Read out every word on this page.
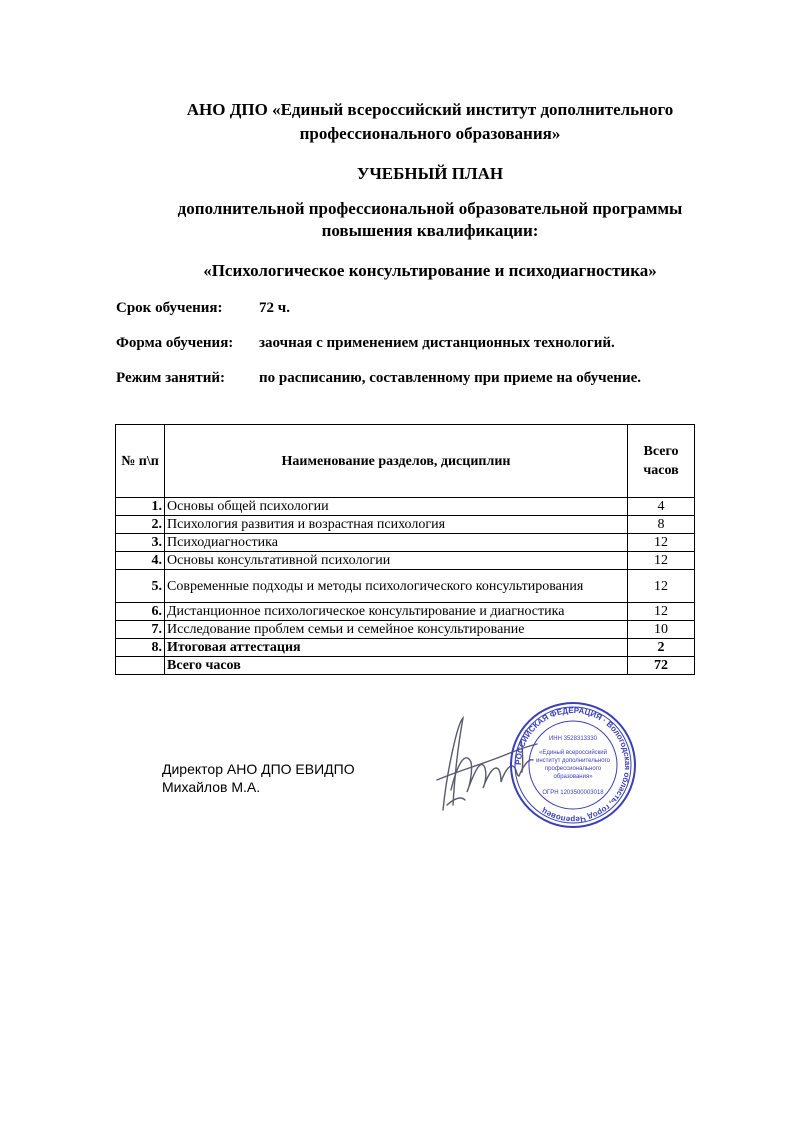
АНО ДПО «Единый всероссийский институт дополнительного
профессионального образования»
УЧЕБНЫЙ ПЛАН
дополнительной профессиональной образовательной программы
повышения квалификации:
«Психологическое консультирование и психодиагностика»
Срок обучения: 72 ч.
Форма обучения: заочная с применением дистанционных технологий.
Режим занятий: по расписанию, составленному при приеме на обучение.
№ п\п	Наименование разделов, дисциплин	Всего
часов

1.	Основы общей психологии	4
2.	Психология развития и возрастная психология	8
3.	Психодиагностика	12
4.	Основы консультативной психологии	12
5.	Современные подходы и методы психологического консультирования	12
6.	Дистанционное психологическое консультирование и диагностика	12
7.	Исследование проблем семьи и семейное консультирование	10
8.	Итоговая аттестация	2
	Всего часов	72
Директор АНО ДПО ЕВИДПО
Михайлов М.А.
РОССИЙСКАЯ ФЕДЕРАЦИЯ · Вологодская область, город Череповец
ИНН 3528313330
«Единый всероссийский
институт дополнительного
профессионального
образования»
ОГРН 1203500003018
